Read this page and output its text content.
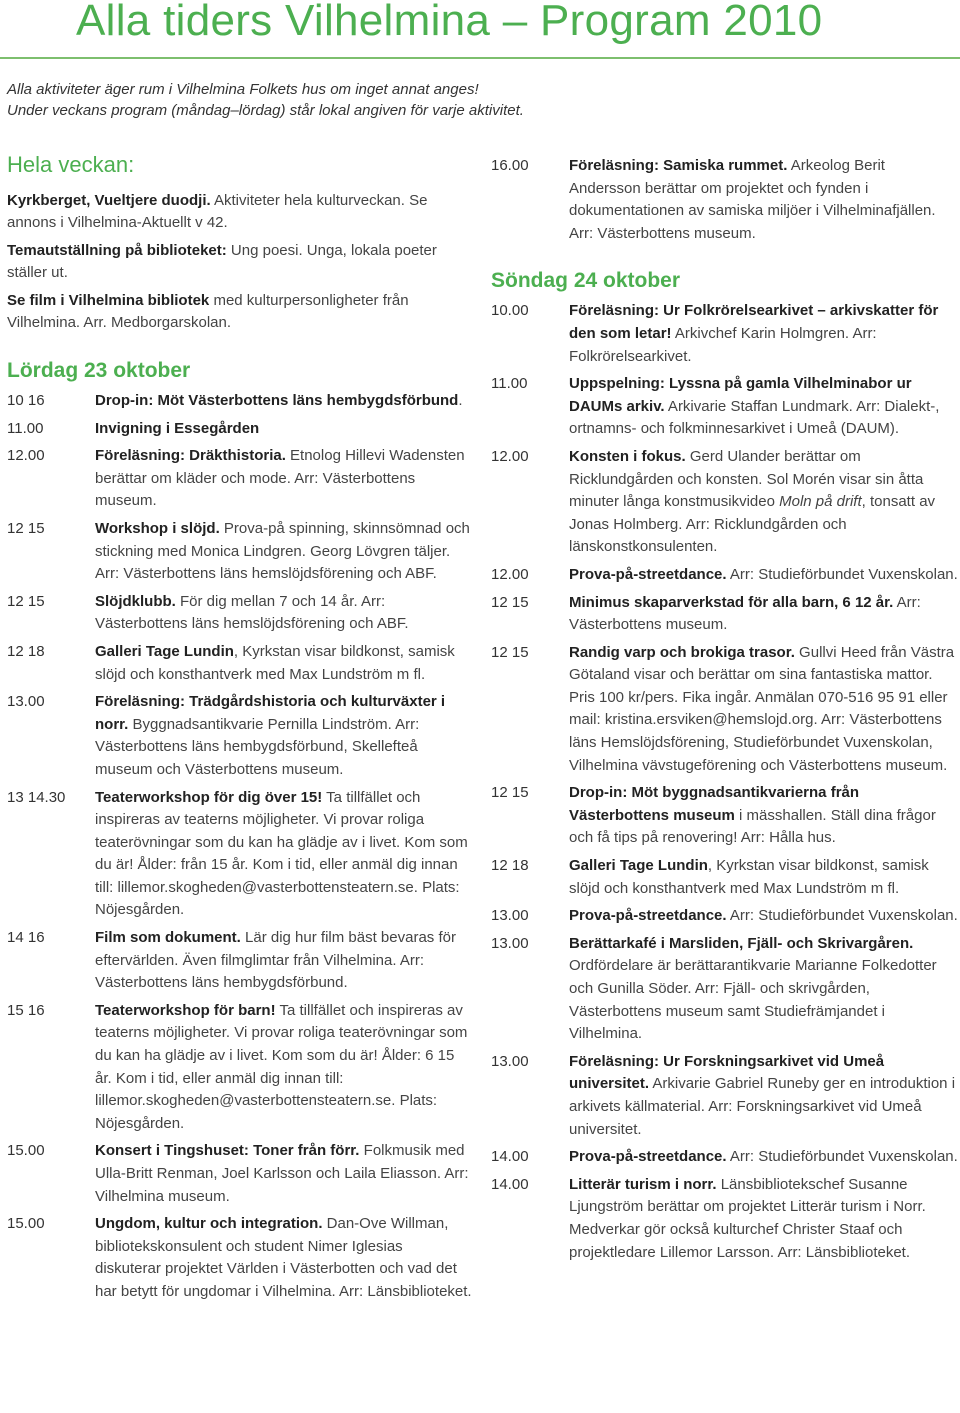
Alla tiders Vilhelmina – Program 2010
Alla aktiviteter äger rum i Vilhelmina Folkets hus om inget annat anges!
Under veckans program (måndag–lördag) står lokal angiven för varje aktivitet.
Hela veckan:
Kyrkberget, Vueltjere duodji. Aktiviteter hela kulturveckan. Se annons i Vilhelmina-Aktuellt v 42.
Temautställning på biblioteket: Ung poesi. Unga, lokala poeter ställer ut.
Se film i Vilhelmina bibliotek med kulturpersonligheter från Vilhelmina. Arr. Medborgarskolan.
Lördag 23 oktober
10 16	Drop-in: Möt Västerbottens läns hembygdsförbund.
11.00	Invigning i Essegården
12.00	Föreläsning: Dräkthistoria. Etnolog Hillevi Wadensten berättar om kläder och mode. Arr: Västerbottens museum.
12 15	Workshop i slöjd. Prova-på spinning, skinnsömnad och stickning med Monica Lindgren. Georg Lövgren täljer. Arr: Västerbottens läns hemslöjdsförening och ABF.
12 15	Slöjdklubb. För dig mellan 7 och 14 år. Arr: Västerbottens läns hemslöjdsförening och ABF.
12 18	Galleri Tage Lundin, Kyrkstan visar bildkonst, samisk slöjd och konsthantverk med Max Lundström m fl.
13.00	Föreläsning: Trädgårdshistoria och kulturväxter i norr. Byggnadsantikvarie Pernilla Lindström. Arr: Västerbottens läns hembygdsförbund, Skellefteå museum och Västerbottens museum.
13 14.30	Teaterworkshop för dig över 15! Ta tillfället och inspireras av teaterns möjligheter. Vi provar roliga teaterövningar som du kan ha glädje av i livet. Kom som du är! Ålder: från 15 år. Kom i tid, eller anmäl dig innan till: lillemor.skogheden@vasterbottensteatern.se. Plats: Nöjesgården.
14 16	Film som dokument. Lär dig hur film bäst bevaras för eftervärlden. Även filmglimtar från Vilhelmina. Arr: Västerbottens läns hembygdsförbund.
15 16	Teaterworkshop för barn! Ta tillfället och inspireras av teaterns möjligheter. Vi provar roliga teaterövningar som du kan ha glädje av i livet. Kom som du är! Ålder: 6 15 år. Kom i tid, eller anmäl dig innan till: lillemor.skogheden@vasterbottensteatern.se. Plats: Nöjesgården.
15.00	Konsert i Tingshuset: Toner från förr. Folkmusik med Ulla-Britt Renman, Joel Karlsson och Laila Eliasson. Arr: Vilhelmina museum.
15.00	Ungdom, kultur och integration. Dan-Ove Willman, bibliotekskonsulent och student Nimer Iglesias diskuterar projektet Världen i Västerbotten och vad det har betytt för ungdomar i Vilhelmina. Arr: Länsbiblioteket.
16.00	Föreläsning: Samiska rummet. Arkeolog Berit Andersson berättar om projektet och fynden i dokumentationen av samiska miljöer i Vilhelminafjällen. Arr: Västerbottens museum.
Söndag 24 oktober
10.00	Föreläsning: Ur Folkrörelsearkivet – arkivskatter för den som letar! Arkivchef Karin Holmgren. Arr: Folkrörelsearkivet.
11.00	Uppspelning: Lyssna på gamla Vilhelminabor ur DAUMs arkiv. Arkivarie Staffan Lundmark. Arr: Dialekt-, ortnamns- och folkminnesarkivet i Umeå (DAUM).
12.00	Konsten i fokus. Gerd Ulander berättar om Ricklundgården och konsten. Sol Morén visar sin åtta minuter långa konstmusikvideo Moln på drift, tonsatt av Jonas Holmberg. Arr: Ricklundgården och länskonstkonsulenten.
12.00	Prova-på-streetdance. Arr: Studieförbundet Vuxenskolan.
12 15	Minimus skaparverkstad för alla barn, 6 12 år. Arr: Västerbottens museum.
12 15	Randig varp och brokiga trasor. Gullvi Heed från Västra Götaland visar och berättar om sina fantastiska mattor. Pris 100 kr/pers. Fika ingår. Anmälan 070-516 95 91 eller mail: kristina.ersviken@hemslojd.org. Arr: Västerbottens läns Hemslöjdsförening, Studieförbundet Vuxenskolan, Vilhelmina vävstugeförening och Västerbottens museum.
12 15	Drop-in: Möt byggnadsantikvarierna från Västerbottens museum i mässhallen. Ställ dina frågor och få tips på renovering! Arr: Hålla hus.
12 18	Galleri Tage Lundin, Kyrkstan visar bildkonst, samisk slöjd och konsthantverk med Max Lundström m fl.
13.00	Prova-på-streetdance. Arr: Studieförbundet Vuxenskolan.
13.00	Berättarkafé i Marsliden, Fjäll- och Skrivargåren. Ordfördelare är berättarantikvarie Marianne Folkedotter och Gunilla Söder. Arr: Fjäll- och skrivgården, Västerbottens museum samt Studiefrämjandet i Vilhelmina.
13.00	Föreläsning: Ur Forskningsarkivet vid Umeå universitet. Arkivarie Gabriel Runeby ger en introduktion i arkivets källmaterial. Arr: Forskningsarkivet vid Umeå universitet.
14.00	Prova-på-streetdance. Arr: Studieförbundet Vuxenskolan.
14.00	Litterär turism i norr. Länsbibliotekschef Susanne Ljungström berättar om projektet Litterär turism i Norr. Medverkar gör också kulturchef Christer Staaf och projektledare Lillemor Larsson. Arr: Länsbiblioteket.
